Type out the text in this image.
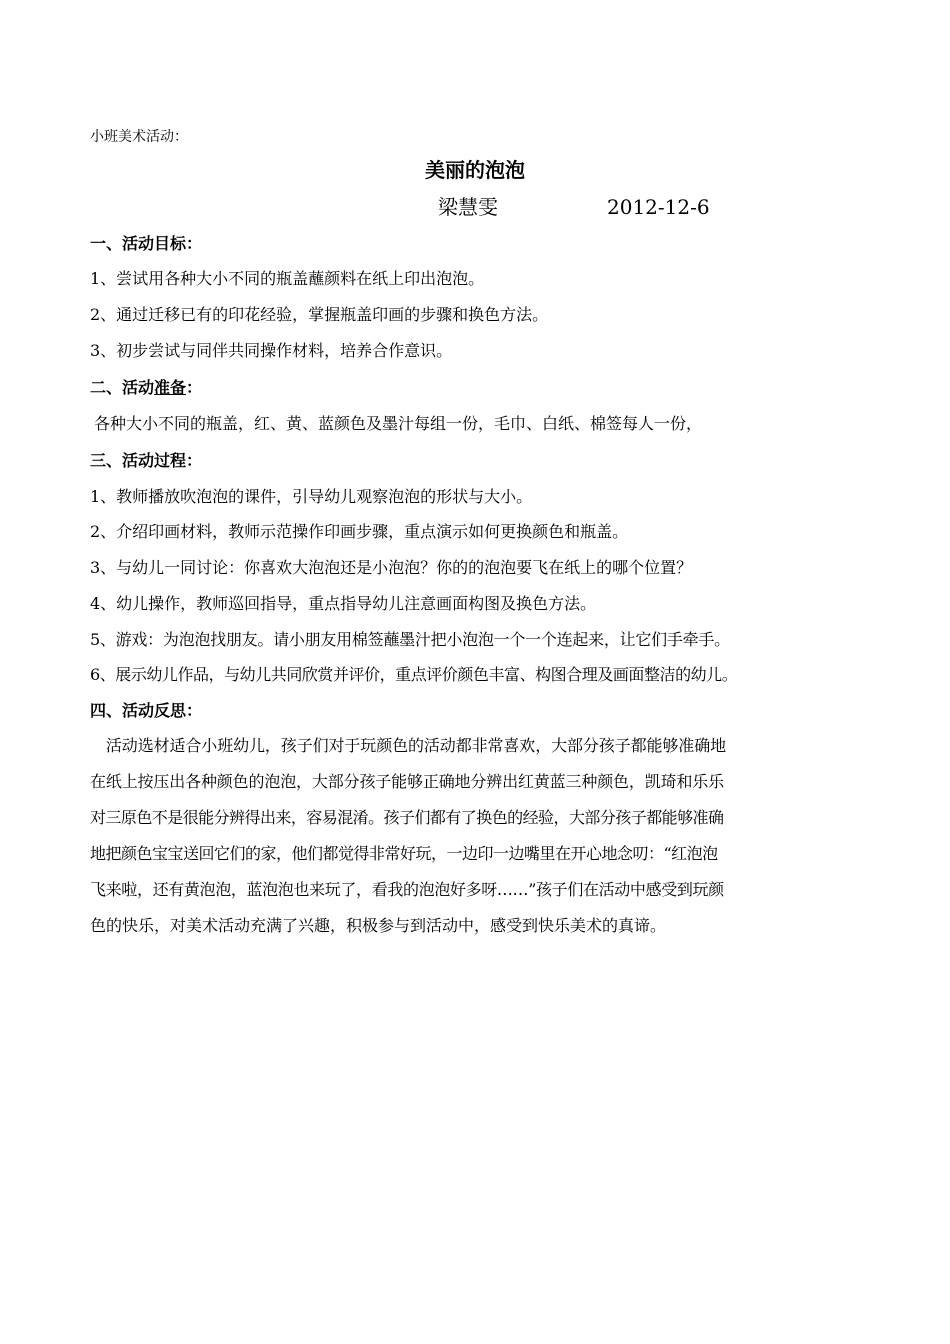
小班美术活动：
美丽的泡泡
梁慧雯	2012-12-6
一、活动目标：
1、尝试用各种大小不同的瓶盖蘸颜料在纸上印出泡泡。
2、通过迁移已有的印花经验，掌握瓶盖印画的步骤和换色方法。
3、初步尝试与同伴共同操作材料，培养合作意识。
二、活动准备：
各种大小不同的瓶盖，红、黄、蓝颜色及墨汁每组一份，毛巾、白纸、棉签每人一份，
三、活动过程：
1、教师播放吹泡泡的课件，引导幼儿观察泡泡的形状与大小。
2、介绍印画材料，教师示范操作印画步骤，重点演示如何更换颜色和瓶盖。
3、与幼儿一同讨论：你喜欢大泡泡还是小泡泡？你的的泡泡要飞在纸上的哪个位置？
4、幼儿操作，教师巡回指导，重点指导幼儿注意画面构图及换色方法。
5、游戏：为泡泡找朋友。请小朋友用棉签蘸墨汁把小泡泡一个一个连起来，让它们手牵手。
6、展示幼儿作品，与幼儿共同欣赏并评价，重点评价颜色丰富、构图合理及画面整洁的幼儿。
四、活动反思：
　活动选材适合小班幼儿，孩子们对于玩颜色的活动都非常喜欢，大部分孩子都能够准确地
在纸上按压出各种颜色的泡泡，大部分孩子能够正确地分辨出红黄蓝三种颜色，凯琦和乐乐
对三原色不是很能分辨得出来，容易混淆。孩子们都有了换色的经验，大部分孩子都能够准确
地把颜色宝宝送回它们的家，他们都觉得非常好玩，一边印一边嘴里在开心地念叨：“红泡泡
飞来啦，还有黄泡泡，蓝泡泡也来玩了，看我的泡泡好多呀……”孩子们在活动中感受到玩颜
色的快乐，对美术活动充满了兴趣，积极参与到活动中，感受到快乐美术的真谛。
